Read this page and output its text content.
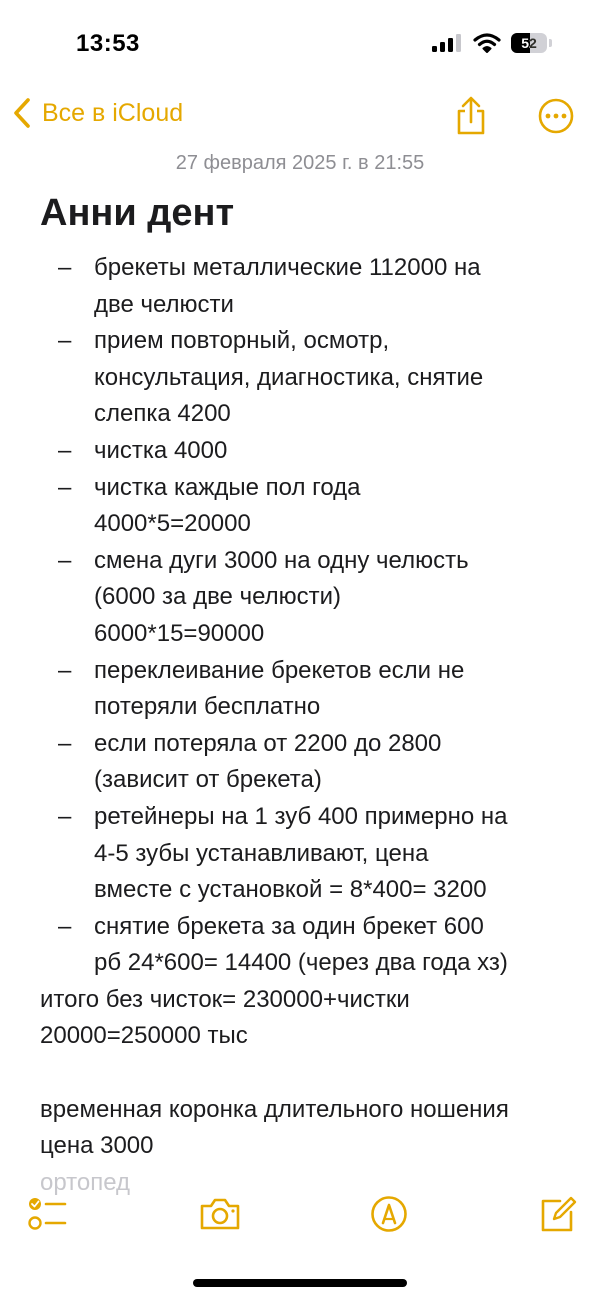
13:53	52
Все в iCloud
27 февраля 2025 г. в 21:55
Анни дент
– брекеты металлические 112000 на
две челюсти
– прием повторный, осмотр,
консультация, диагностика, снятие
слепка 4200
– чистка 4000
– чистка каждые пол года
4000*5=20000
– смена дуги 3000 на одну челюсть
(6000 за две челюсти)
6000*15=90000
– переклеивание брекетов если не
потеряли бесплатно
– если потеряла от 2200 до 2800
(зависит от брекета)
– ретейнеры на 1 зуб 400 примерно на
4-5 зубы устанавливают, цена
вместе с установкой = 8*400= 3200
– снятие брекета за один брекет 600
рб 24*600= 14400 (через два года хз)

итого без чисток= 230000+чистки

20000=250000 тыс

временная коронка длительного ношения

цена 3000

ортопед
